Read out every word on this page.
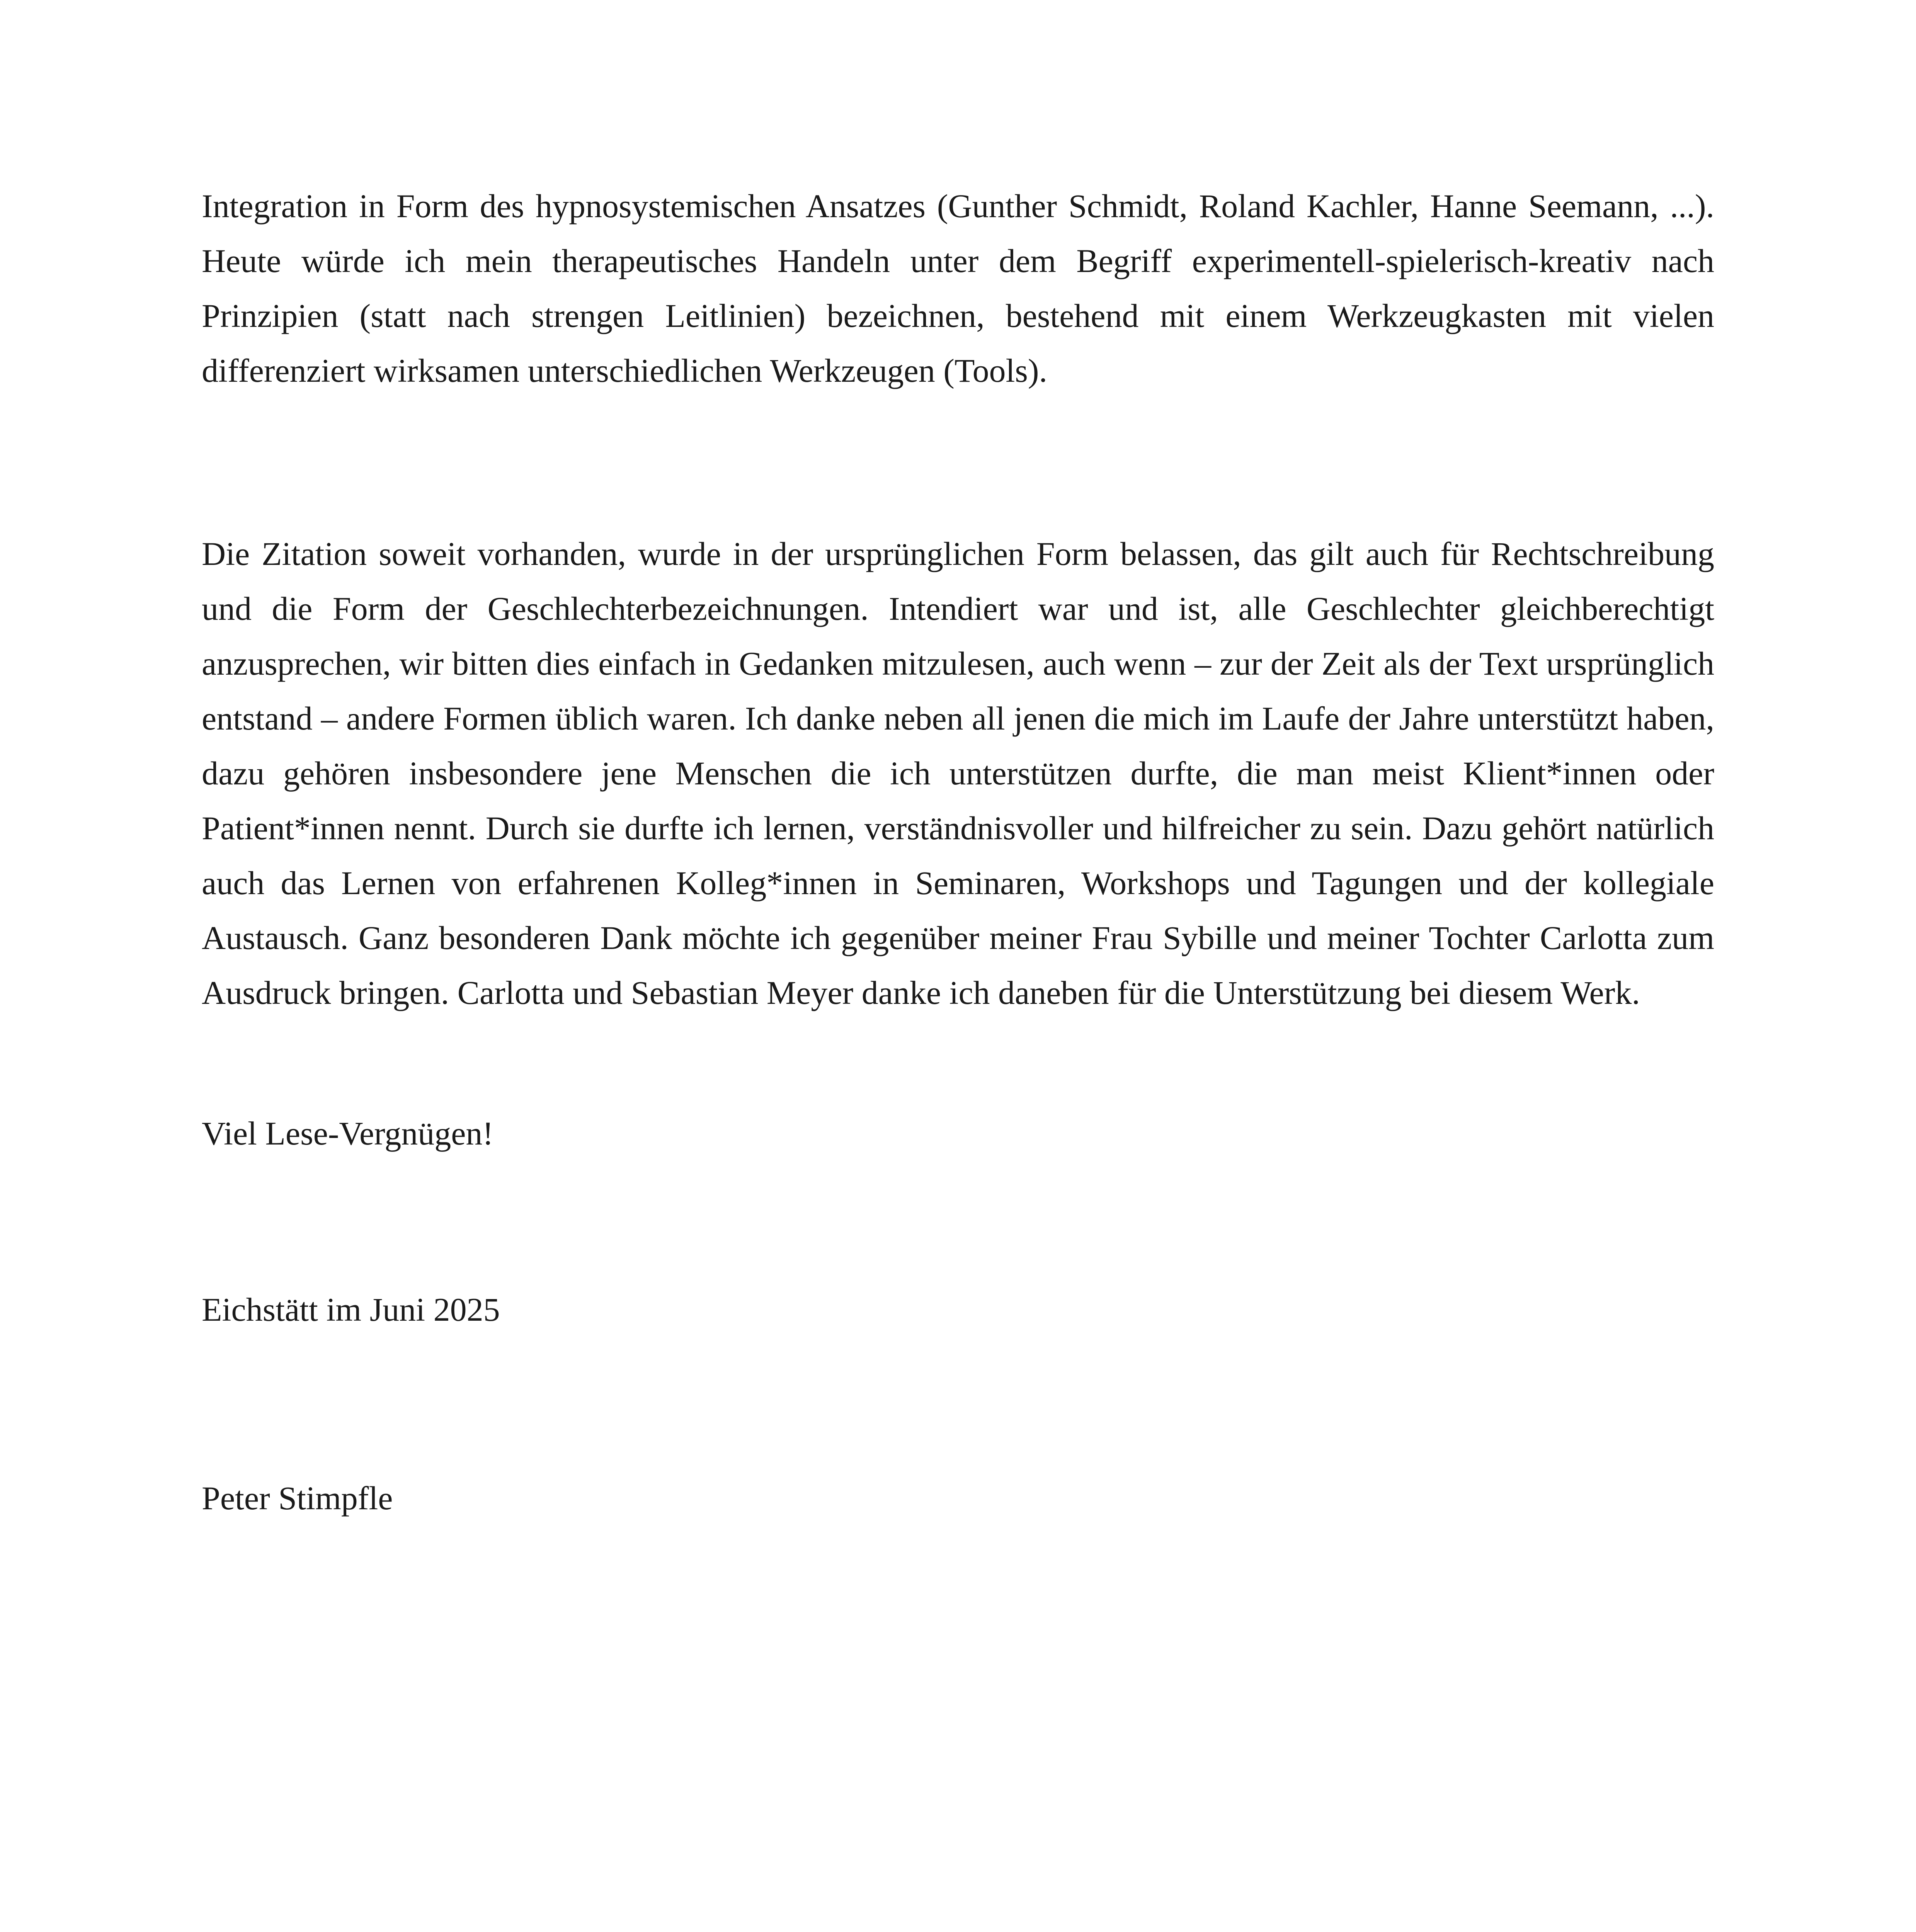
Integration in Form des hypnosystemischen Ansatzes (Gunther Schmidt, Roland Kachler, Hanne Seemann, ...). Heute würde ich mein therapeutisches Handeln unter dem Begriff experimentell-spielerisch-kreativ nach Prinzipien (statt nach strengen Leitlinien) bezeichnen, bestehend mit einem Werkzeugkasten mit vielen differenziert wirksamen unterschiedlichen Werkzeugen (Tools).

Die Zitation soweit vorhanden, wurde in der ursprünglichen Form belassen, das gilt auch für Rechtschreibung und die Form der Geschlechterbezeichnungen. Intendiert war und ist, alle Geschlechter gleichberechtigt anzusprechen, wir bitten dies einfach in Gedanken mitzulesen, auch wenn – zur der Zeit als der Text ursprünglich entstand – andere Formen üblich waren. Ich danke neben all jenen die mich im Laufe der Jahre unterstützt haben, dazu gehören insbesondere jene Menschen die ich unterstützen durfte, die man meist Klient*innen oder Patient*innen nennt. Durch sie durfte ich lernen, verständnisvoller und hilfreicher zu sein. Dazu gehört natürlich auch das Lernen von erfahrenen Kolleg*innen in Seminaren, Workshops und Tagungen und der kollegiale Austausch. Ganz besonderen Dank möchte ich gegenüber meiner Frau Sybille und meiner Tochter Carlotta zum Ausdruck bringen. Carlotta und Sebastian Meyer danke ich daneben für die Unterstützung bei diesem Werk.

Viel Lese-Vergnügen!

Eichstätt im Juni 2025

Peter Stimpfle
